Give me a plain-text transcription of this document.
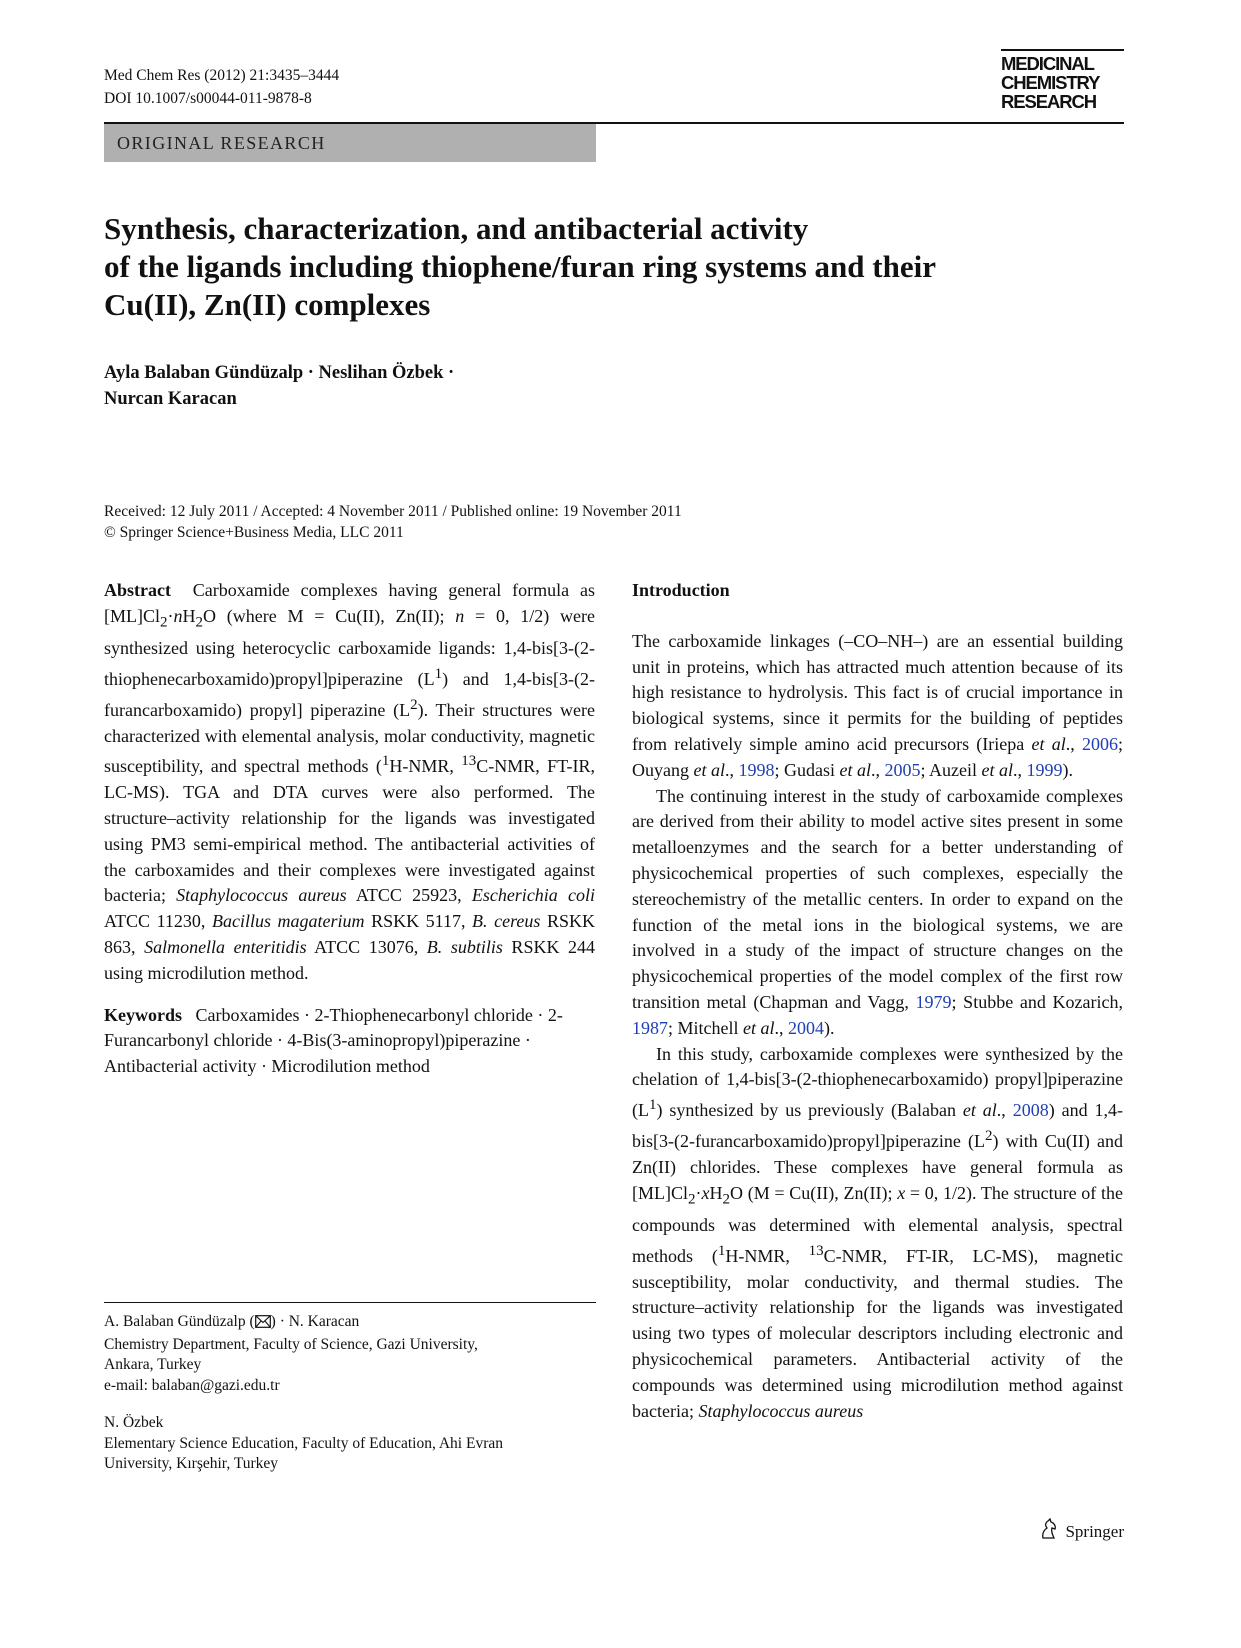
Med Chem Res (2012) 21:3435–3444
DOI 10.1007/s00044-011-9878-8
MEDICINAL
CHEMISTRY
RESEARCH
ORIGINAL RESEARCH
Synthesis, characterization, and antibacterial activity
of the ligands including thiophene/furan ring systems and their
Cu(II), Zn(II) complexes
Ayla Balaban Gündüzalp · Neslihan Özbek ·
Nurcan Karacan
Received: 12 July 2011 / Accepted: 4 November 2011 / Published online: 19 November 2011
© Springer Science+Business Media, LLC 2011

Abstract Carboxamide complexes having general formula as $[ML]Cl_2\cdot nH_2O$ (where M = Cu(II), Zn(II); n = 0, 1/2) were synthesized using heterocyclic carboxamide ligands: 1,4-bis[3-(2-thiophenecarboxamido)propyl]piperazine $(L^1)$ and 1,4-bis[3-(2-furancarboxamido) propyl] piperazine $(L^2)$. Their structures were characterized with elemental analysis, molar conductivity, magnetic susceptibility, and spectral methods ($^1$H-NMR, $^{13}$C-NMR, FT-IR, LC-MS). TGA and DTA curves were also performed. The structure–activity relationship for the ligands was investigated using PM3 semi-empirical method. The antibacterial activities of the carboxamides and their complexes were investigated against bacteria; Staphylococcus aureus ATCC 25923, Escherichia coli ATCC 11230, Bacillus magaterium RSKK 5117, B. cereus RSKK 863, Salmonella enteritidis ATCC 13076, B. subtilis RSKK 244 using microdilution method.

Keywords Carboxamides · 2-Thiophenecarbonyl chloride · 2-Furancarbonyl chloride · 4-Bis(3-aminopropyl)piperazine · Antibacterial activity · Microdilution method

A. Balaban Gündüzalp ( ) · N. Karacan
Chemistry Department, Faculty of Science, Gazi University,
Ankara, Turkey
e-mail: balaban@gazi.edu.tr
N. Özbek
Elementary Science Education, Faculty of Education, Ahi Evran
University, Kırşehir, Turkey

Introduction

The carboxamide linkages (–CO–NH–) are an essential building unit in proteins, which has attracted much attention because of its high resistance to hydrolysis. This fact is of crucial importance in biological systems, since it permits for the building of peptides from relatively simple amino acid precursors (Iriepa et al., 2006; Ouyang et al., 1998; Gudasi et al., 2005; Auzeil et al., 1999).

The continuing interest in the study of carboxamide complexes are derived from their ability to model active sites present in some metalloenzymes and the search for a better understanding of physicochemical properties of such complexes, especially the stereochemistry of the metallic centers. In order to expand on the function of the metal ions in the biological systems, we are involved in a study of the impact of structure changes on the physicochemical properties of the model complex of the first row transition metal (Chapman and Vagg, 1979; Stubbe and Kozarich, 1987; Mitchell et al., 2004).

In this study, carboxamide complexes were synthesized by the chelation of 1,4-bis[3-(2-thiophenecarboxamido) propyl]piperazine $(L^1)$ synthesized by us previously (Balaban et al., 2008) and 1,4-bis[3-(2-furancarboxamido)propyl]piperazine $(L^2)$ with Cu(II) and Zn(II) chlorides. These complexes have general formula as $[ML]Cl_2\cdot xH_2O$ (M = Cu(II), Zn(II); x = 0, 1/2). The structure of the compounds was determined with elemental analysis, spectral methods ($^1$H-NMR, $^{13}$C-NMR, FT-IR, LC-MS), magnetic susceptibility, molar conductivity, and thermal studies. The structure–activity relationship for the ligands was investigated using two types of molecular descriptors including electronic and physicochemical parameters. Antibacterial activity of the compounds was determined using microdilution method against bacteria; Staphylococcus aureus

Springer
